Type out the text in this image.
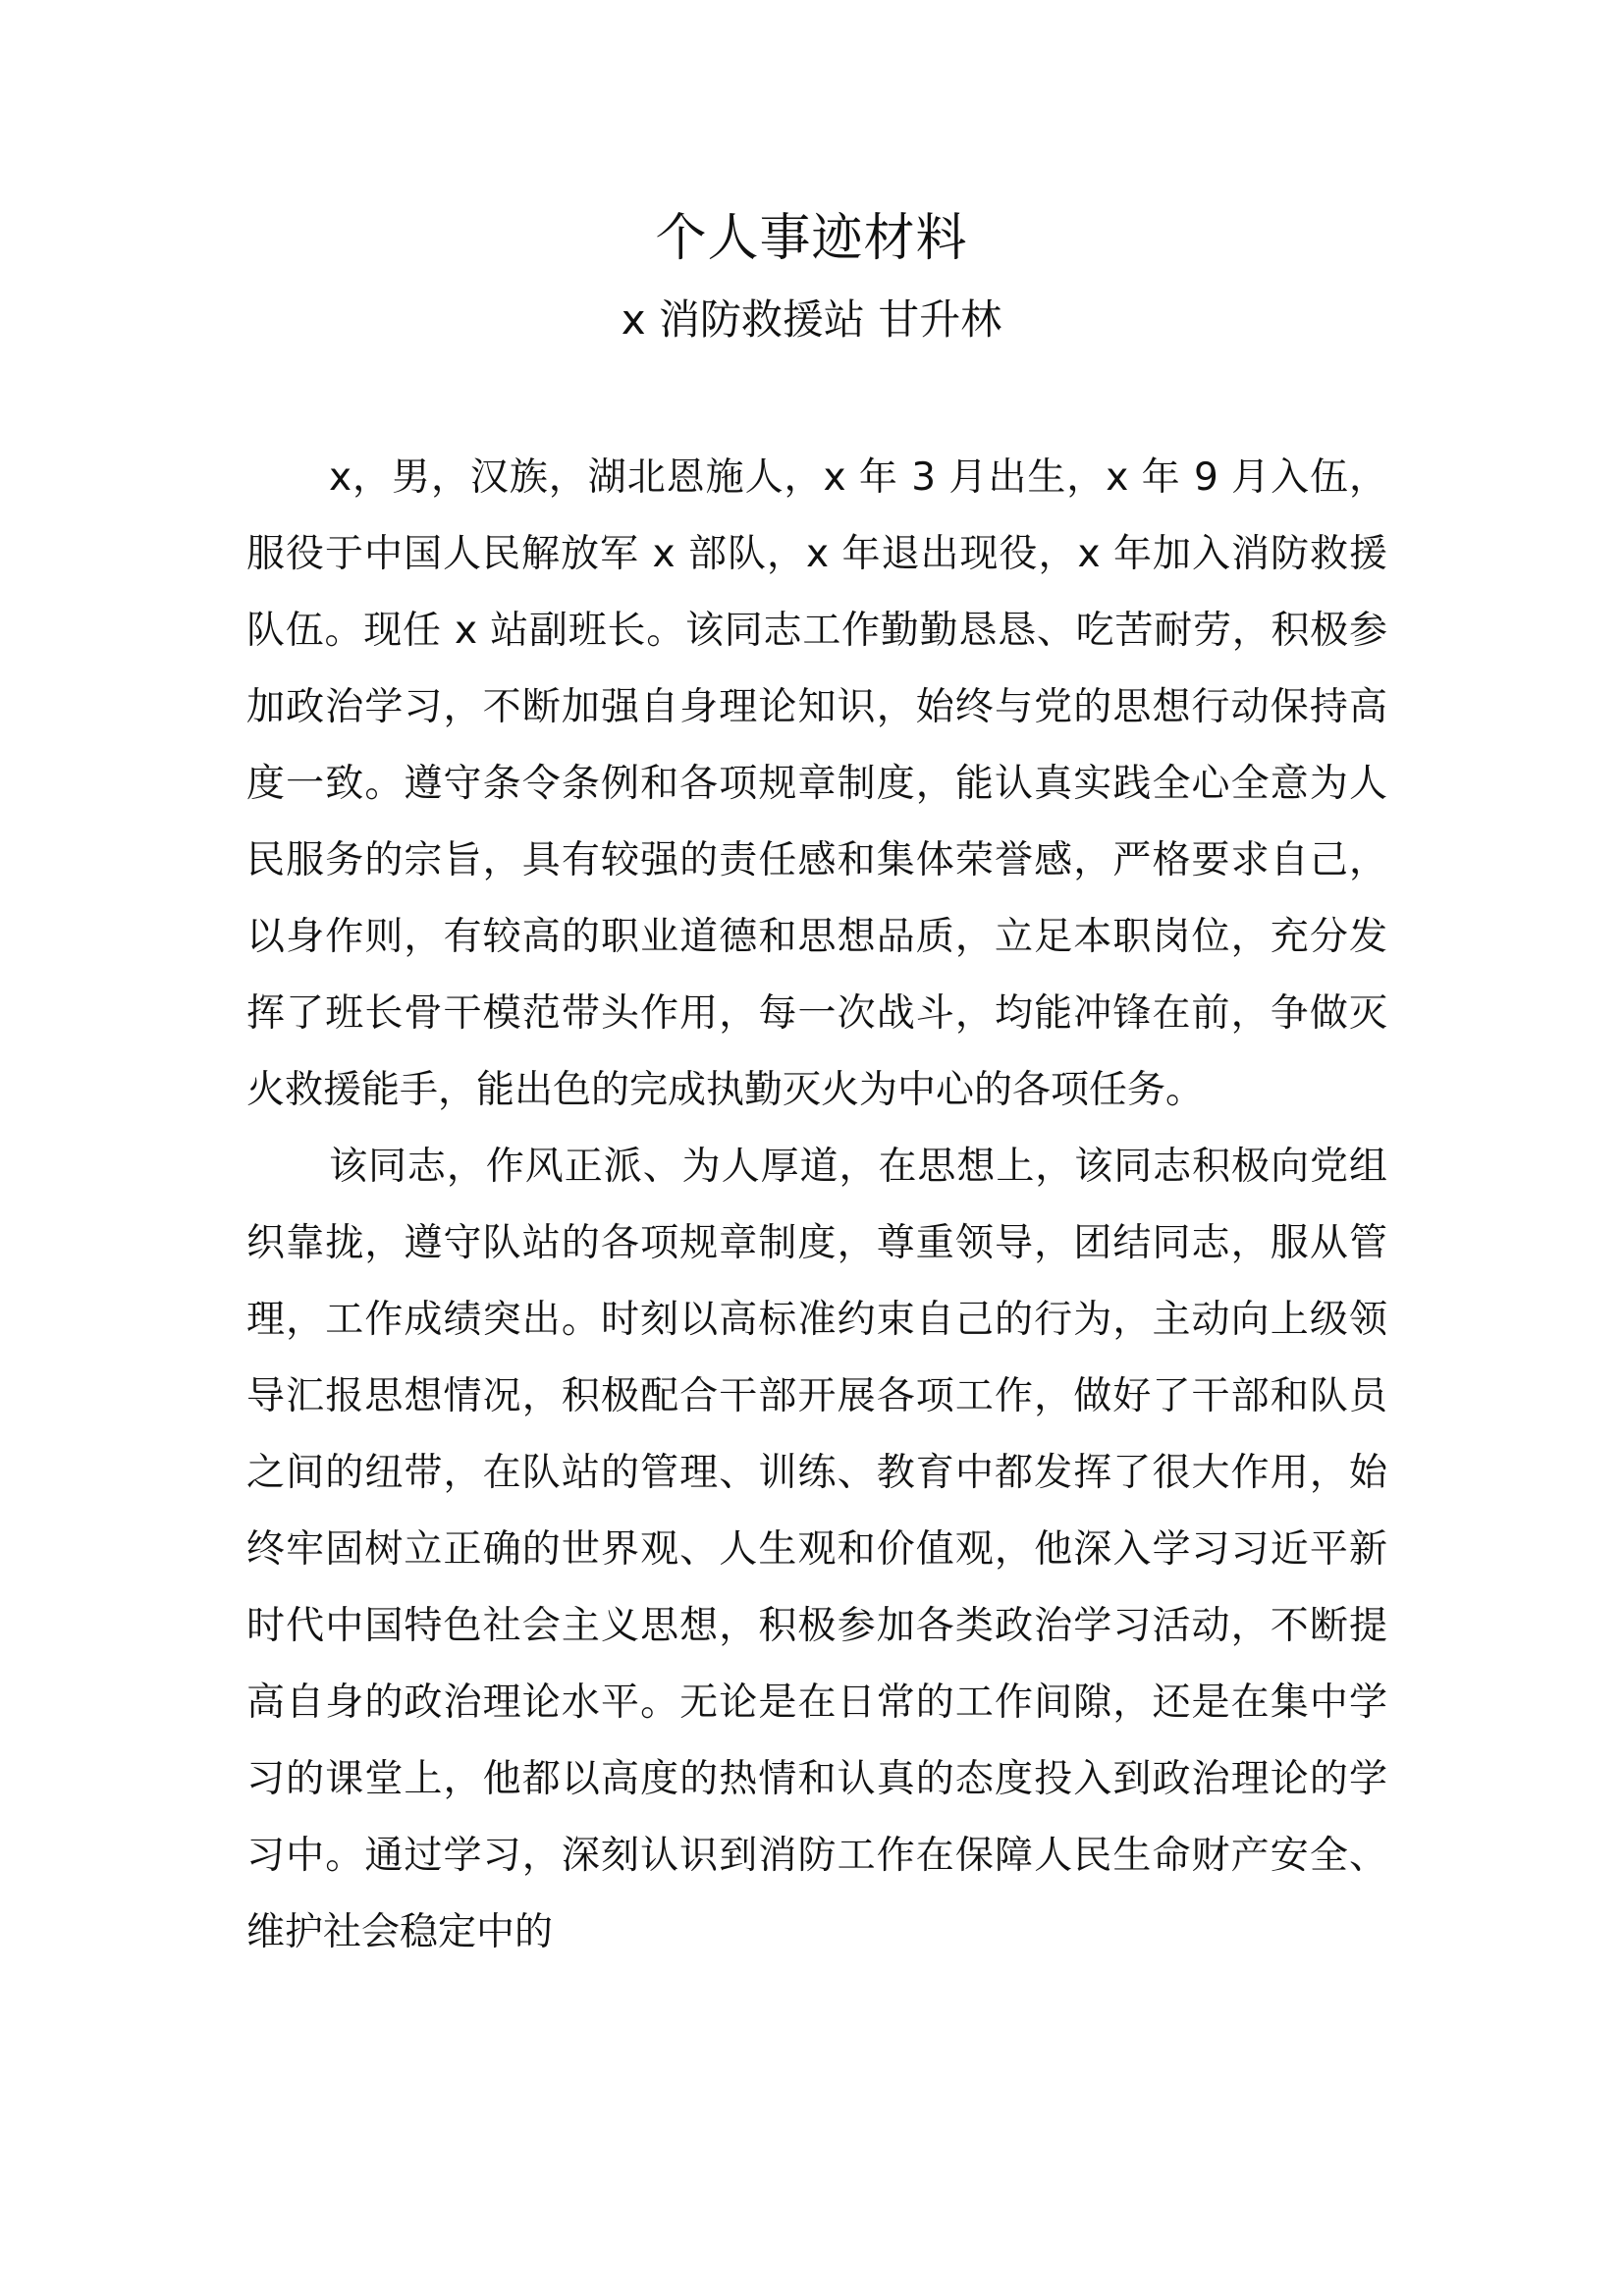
个人事迹材料
x 消防救援站 甘升林

x，男，汉族，湖北恩施人，x 年 3 月出生，x 年 9 月入伍，服役于中国人民解放军 x 部队，x 年退出现役，x 年加入消防救援队伍。现任 x 站副班长。该同志工作勤勤恳恳、吃苦耐劳，积极参加政治学习，不断加强自身理论知识，始终与党的思想行动保持高度一致。遵守条令条例和各项规章制度，能认真实践全心全意为人民服务的宗旨，具有较强的责任感和集体荣誉感，严格要求自己，以身作则，有较高的职业道德和思想品质，立足本职岗位，充分发挥了班长骨干模范带头作用，每一次战斗，均能冲锋在前，争做灭火救援能手，能出色的完成执勤灭火为中心的各项任务。

该同志，作风正派、为人厚道，在思想上，该同志积极向党组织靠拢，遵守队站的各项规章制度，尊重领导，团结同志，服从管理，工作成绩突出。时刻以高标准约束自己的行为，主动向上级领导汇报思想情况，积极配合干部开展各项工作，做好了干部和队员之间的纽带，在队站的管理、训练、教育中都发挥了很大作用，始终牢固树立正确的世界观、人生观和价值观，他深入学习习近平新时代中国特色社会主义思想，积极参加各类政治学习活动，不断提高自身的政治理论水平。无论是在日常的工作间隙，还是在集中学习的课堂上，他都以高度的热情和认真的态度投入到政治理论的学习中。通过学习，深刻认识到消防工作在保障人民生命财产安全、维护社会稳定中的
